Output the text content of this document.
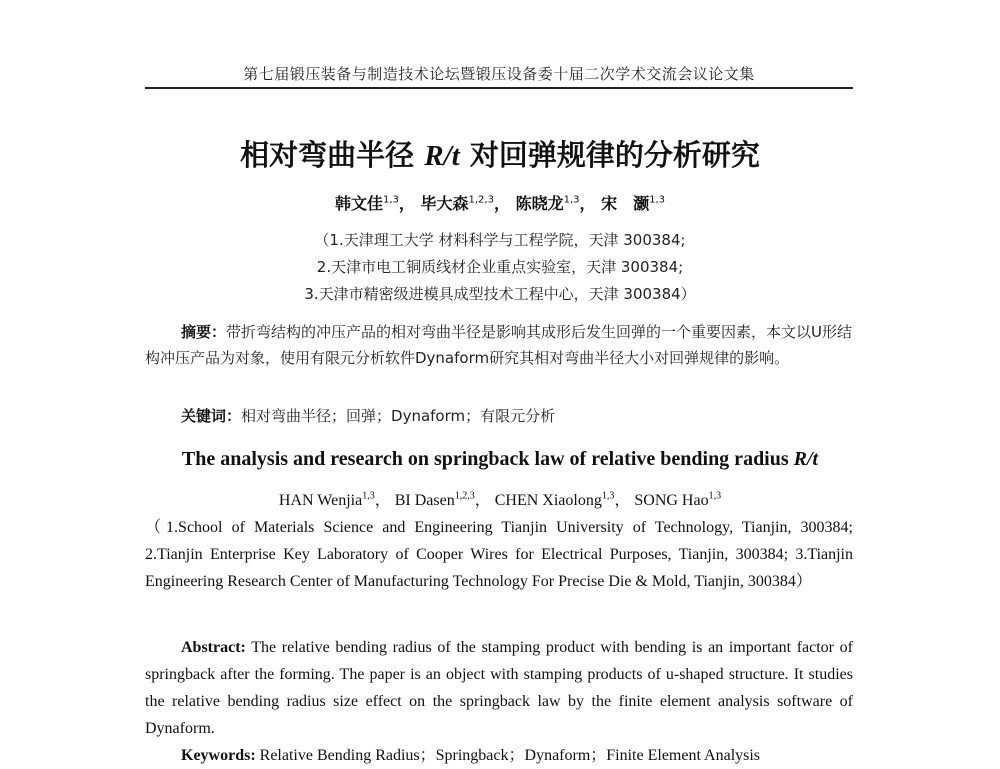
第七届锻压装备与制造技术论坛暨锻压设备委十届二次学术交流会议论文集
相对弯曲半径 R/t 对回弹规律的分析研究
韩文佳$^{1,3}$， 毕大森$^{1,2,3}$， 陈晓龙$^{1,3}$， 宋　灏$^{1,3}$
（1.天津理工大学 材料科学与工程学院，天津 300384;
2.天津市电工铜质线材企业重点实验室，天津 300384;
3.天津市精密级进模具成型技术工程中心，天津 300384）
摘要：带折弯结构的冲压产品的相对弯曲半径是影响其成形后发生回弹的一个重要因素，本文以U形结构冲压产品为对象，使用有限元分析软件Dynaform研究其相对弯曲半径大小对回弹规律的影响。
关键词：相对弯曲半径；回弹；Dynaform；有限元分析
The analysis and research on springback law of relative bending radius R/t
HAN Wenjia$^{1,3}$， BI Dasen$^{1,2,3}$， CHEN Xiaolong$^{1,3}$， SONG Hao$^{1,3}$
（1.School of Materials Science and Engineering Tianjin University of Technology, Tianjin, 300384; 2.Tianjin Enterprise Key Laboratory of Cooper Wires for Electrical Purposes, Tianjin, 300384; 3.Tianjin Engineering Research Center of Manufacturing Technology For Precise Die & Mold, Tianjin, 300384）
Abstract: The relative bending radius of the stamping product with bending is an important factor of springback after the forming. The paper is an object with stamping products of u-shaped structure. It studies the relative bending radius size effect on the springback law by the finite element analysis software of Dynaform.
Keywords: Relative Bending Radius；Springback；Dynaform；Finite Element Analysis
